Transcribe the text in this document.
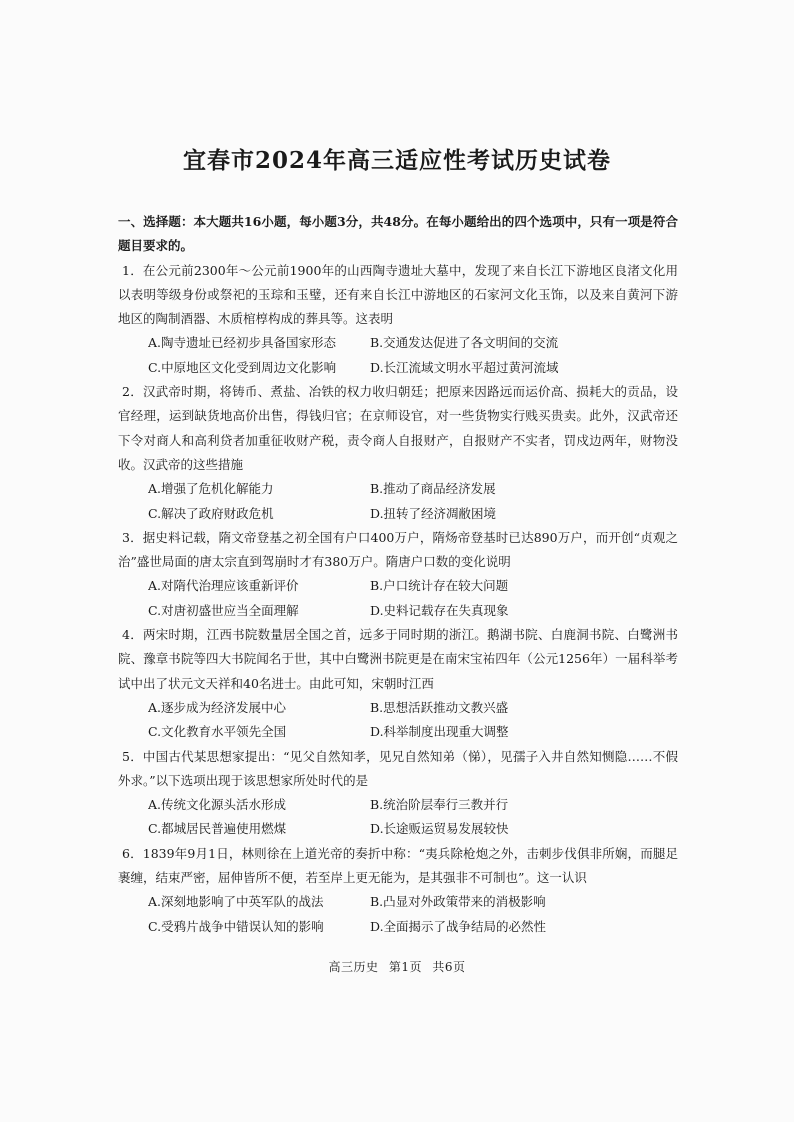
宜春市2024年高三适应性考试历史试卷
一、选择题：本大题共16小题，每小题3分，共48分。在每小题给出的四个选项中，只有一项是符合题目要求的。
1．在公元前2300年～公元前1900年的山西陶寺遗址大墓中，发现了来自长江下游地区良渚文化用以表明等级身份或祭祀的玉琮和玉璧，还有来自长江中游地区的石家河文化玉饰，以及来自黄河下游地区的陶制酒器、木质棺椁构成的葬具等。这表明
A.陶寺遗址已经初步具备国家形态	B.交通发达促进了各文明间的交流
C.中原地区文化受到周边文化影响	D.长江流域文明水平超过黄河流域
2．汉武帝时期，将铸币、煮盐、冶铁的权力收归朝廷；把原来因路远而运价高、损耗大的贡品，设官经理，运到缺货地高价出售，得钱归官；在京师设官，对一些货物实行贱买贵卖。此外，汉武帝还下令对商人和高利贷者加重征收财产税，责令商人自报财产，自报财产不实者，罚戍边两年，财物没收。汉武帝的这些措施
A.增强了危机化解能力	B.推动了商品经济发展
C.解决了政府财政危机	D.扭转了经济凋敝困境
3．据史料记载，隋文帝登基之初全国有户口400万户，隋炀帝登基时已达890万户，而开创“贞观之治”盛世局面的唐太宗直到驾崩时才有380万户。隋唐户口数的变化说明
A.对隋代治理应该重新评价	B.户口统计存在较大问题
C.对唐初盛世应当全面理解	D.史料记载存在失真现象
4．两宋时期，江西书院数量居全国之首，远多于同时期的浙江。鹅湖书院、白鹿洞书院、白鹭洲书院、豫章书院等四大书院闻名于世，其中白鹭洲书院更是在南宋宝祐四年（公元1256年）一届科举考试中出了状元文天祥和40名进士。由此可知，宋朝时江西
A.逐步成为经济发展中心	B.思想活跃推动文教兴盛
C.文化教育水平领先全国	D.科举制度出现重大调整
5．中国古代某思想家提出：“见父自然知孝，见兄自然知弟（悌），见孺子入井自然知恻隐……不假外求。”以下选项出现于该思想家所处时代的是
A.传统文化源头活水形成	B.统治阶层奉行三教并行
C.都城居民普遍使用燃煤	D.长途贩运贸易发展较快
6．1839年9月1日，林则徐在上道光帝的奏折中称：“夷兵除枪炮之外，击刺步伐俱非所娴，而腿足裹缠，结束严密，屈伸皆所不便，若至岸上更无能为，是其强非不可制也”。这一认识
A.深刻地影响了中英军队的战法	B.凸显对外政策带来的消极影响
C.受鸦片战争中错误认知的影响	D.全面揭示了战争结局的必然性
高三历史 第1页 共6页
